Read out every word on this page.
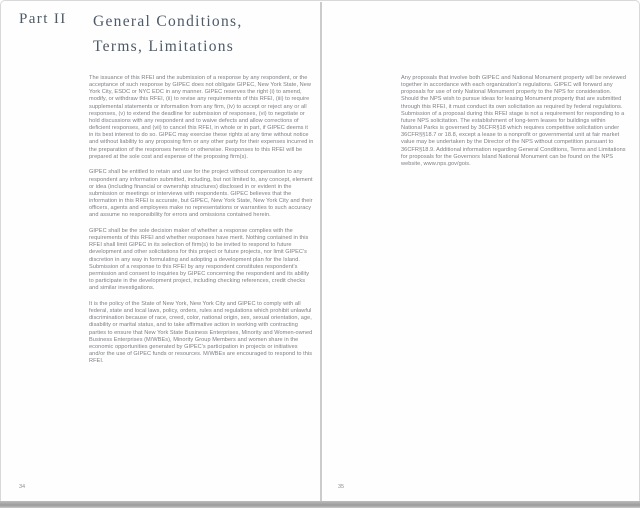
Part II General Conditions,
Terms, Limitations

The issuance of this RFEI and the submission of a response by any respondent, or the acceptance of such response by GIPEC does not obligate GIPEC, New York State, New York City, ESDC or NYC EDC in any manner. GIPEC reserves the right (i) to amend, modify, or withdraw this RFEI, (ii) to revise any requirements of this RFEI, (iii) to require supplemental statements or information from any firm, (iv) to accept or reject any or all responses, (v) to extend the deadline for submission of responses, (vi) to negotiate or hold discussions with any respondent and to waive defects and allow corrections of deficient responses, and (vii) to cancel this RFEI, in whole or in part, if GIPEC deems it in its best interest to do so. GIPEC may exercise these rights at any time without notice and without liability to any proposing firm or any other party for their expenses incurred in the preparation of the responses hereto or otherwise. Responses to this RFEI will be prepared at the sole cost and expense of the proposing firm(s).

GIPEC shall be entitled to retain and use for the project without compensation to any respondent any information submitted, including, but not limited to, any concept, element or idea (including financial or ownership structures) disclosed in or evident in the submission or meetings or interviews with respondents. GIPEC believes that the information in this RFEI is accurate, but GIPEC, New York State, New York City and their officers, agents and employees make no representations or warranties to such accuracy and assume no responsibility for errors and omissions contained herein.

GIPEC shall be the sole decision maker of whether a response complies with the requirements of this RFEI and whether responses have merit. Nothing contained in this RFEI shall limit GIPEC in its selection of firm(s) to be invited to respond to future development and other solicitations for this project or future projects, nor limit GIPEC's discretion in any way in formulating and adopting a development plan for the Island. Submission of a response to this RFEI by any respondent constitutes respondent's permission and consent to inquiries by GIPEC concerning the respondent and its ability to participate in the development project, including checking references, credit checks and similar investigations.

It is the policy of the State of New York, New York City and GIPEC to comply with all federal, state and local laws, policy, orders, rules and regulations which prohibit unlawful discrimination because of race, creed, color, national origin, sex, sexual orientation, age, disability or marital status, and to take affirmative action in working with contracting parties to ensure that New York State Business Enterprises, Minority and Women-owned Business Enterprises (M/WBEs), Minority Group Members and women share in the economic opportunities generated by GIPEC's participation in projects or initiatives and/or the use of GIPEC funds or resources. M/WBEs are encouraged to respond to this RFEI.

Any proposals that involve both GIPEC and National Monument property will be reviewed together in accordance with each organization's regulations. GIPEC will forward any proposals for use of only National Monument property to the NPS for consideration. Should the NPS wish to pursue ideas for leasing Monument property that are submitted through this RFEI, it must conduct its own solicitation as required by federal regulations. Submission of a proposal during this RFEI stage is not a requirement for responding to a future NPS solicitation. The establishment of long-term leases for buildings within National Parks is governed by 36CFR§18 which requires competitive solicitation under 36CFR§§18.7 or 18.8, except a lease to a nonprofit or governmental unit at fair market value may be undertaken by the Director of the NPS without competition pursuant to 36CFR§18.9. Additional information regarding General Conditions, Terms and Limitations for proposals for the Governors Island National Monument can be found on the NPS website, www.nps.gov/gois.

34	35
